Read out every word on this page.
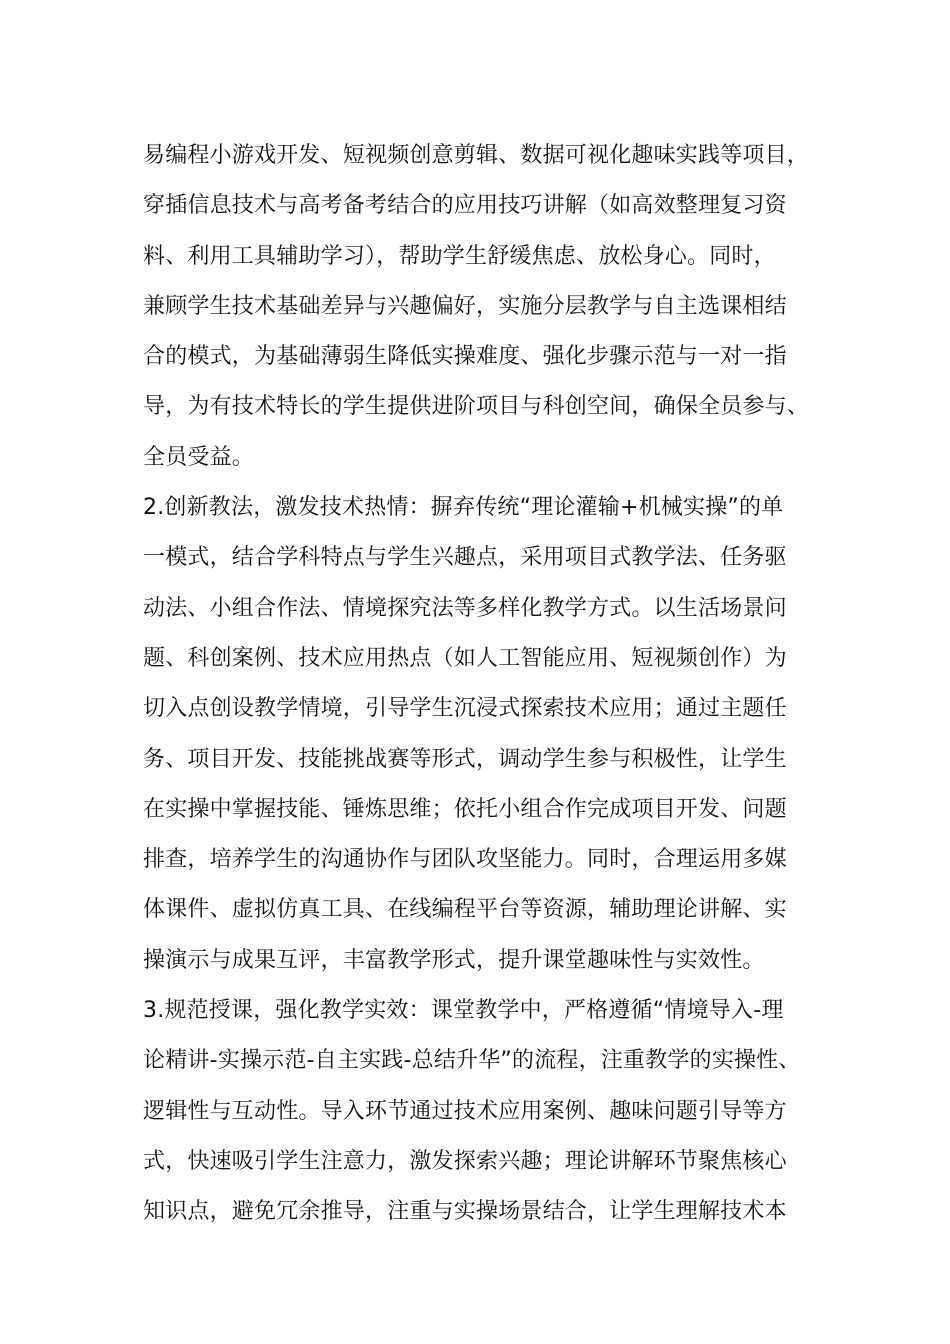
易编程小游戏开发、短视频创意剪辑、数据可视化趣味实践等项目，
穿插信息技术与高考备考结合的应用技巧讲解（如高效整理复习资
料、利用工具辅助学习），帮助学生舒缓焦虑、放松身心。同时，
兼顾学生技术基础差异与兴趣偏好，实施分层教学与自主选课相结
合的模式，为基础薄弱生降低实操难度、强化步骤示范与一对一指
导，为有技术特长的学生提供进阶项目与科创空间，确保全员参与、
全员受益。
2.创新教法，激发技术热情：摒弃传统“理论灌输+机械实操”的单
一模式，结合学科特点与学生兴趣点，采用项目式教学法、任务驱
动法、小组合作法、情境探究法等多样化教学方式。以生活场景问
题、科创案例、技术应用热点（如人工智能应用、短视频创作）为
切入点创设教学情境，引导学生沉浸式探索技术应用；通过主题任
务、项目开发、技能挑战赛等形式，调动学生参与积极性，让学生
在实操中掌握技能、锤炼思维；依托小组合作完成项目开发、问题
排查，培养学生的沟通协作与团队攻坚能力。同时，合理运用多媒
体课件、虚拟仿真工具、在线编程平台等资源，辅助理论讲解、实
操演示与成果互评，丰富教学形式，提升课堂趣味性与实效性。
3.规范授课，强化教学实效：课堂教学中，严格遵循“情境导入-理
论精讲-实操示范-自主实践-总结升华”的流程，注重教学的实操性、
逻辑性与互动性。导入环节通过技术应用案例、趣味问题引导等方
式，快速吸引学生注意力，激发探索兴趣；理论讲解环节聚焦核心
知识点，避免冗余推导，注重与实操场景结合，让学生理解技术本
